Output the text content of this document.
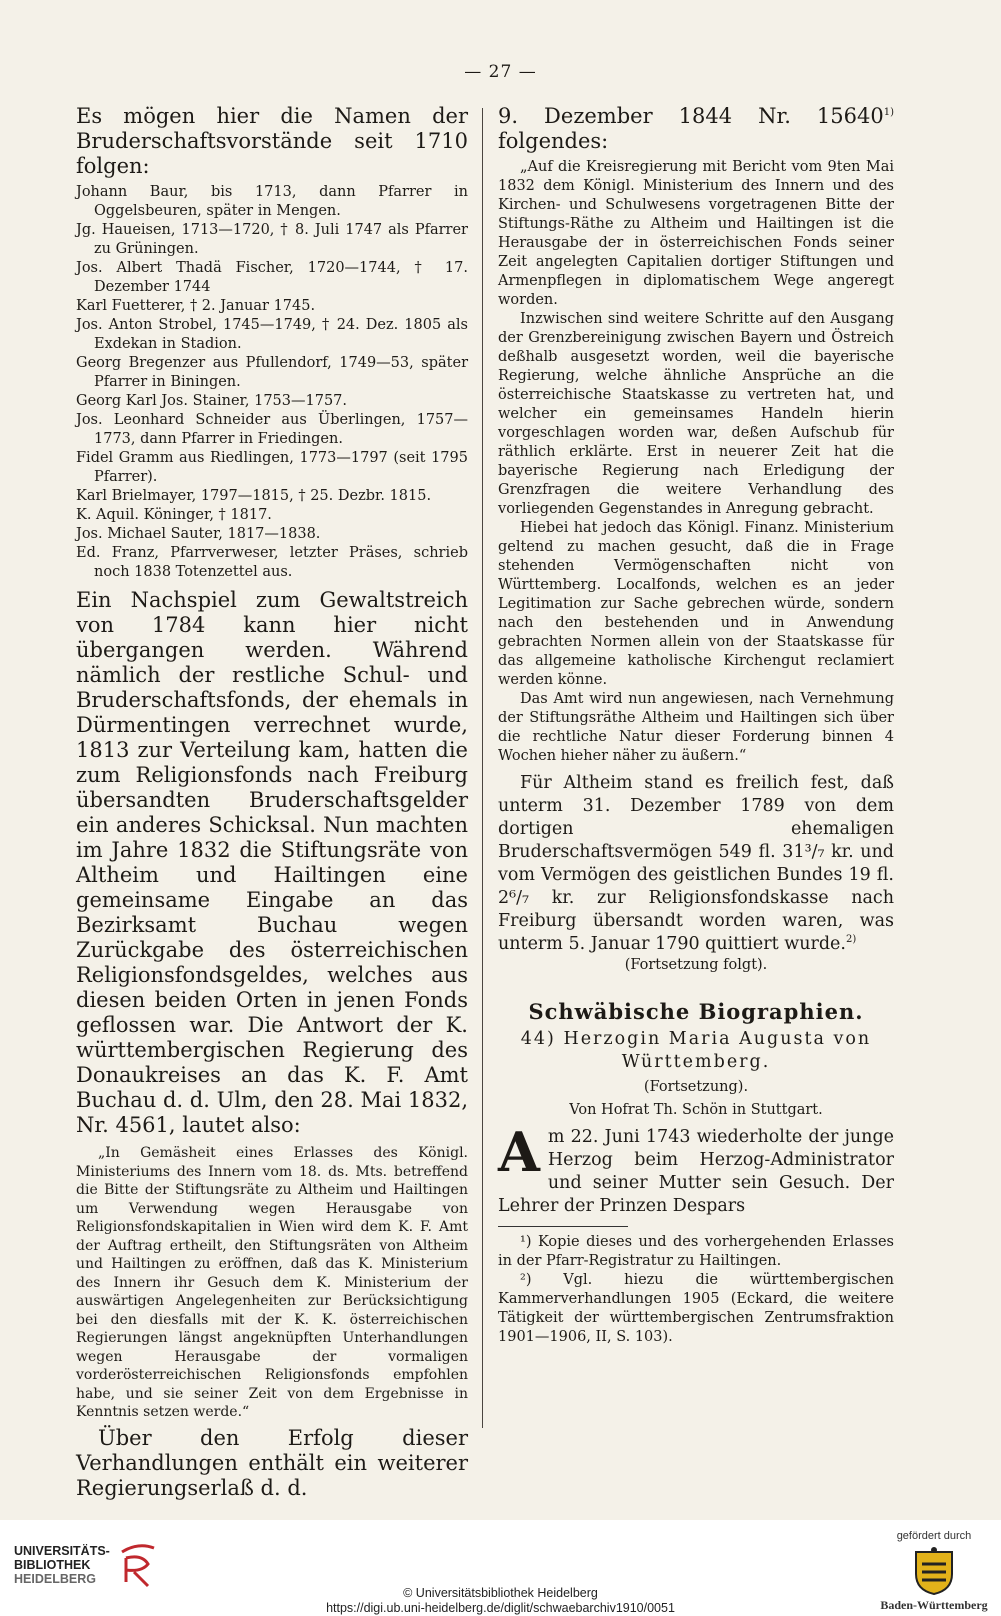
— 27 —

Es mögen hier die Namen der Bruderschaftsvorstände seit 1710 folgen:

Johann Baur, bis 1713, dann Pfarrer in Oggelsbeuren, später in Mengen.

Jg. Haueisen, 1713—1720, † 8. Juli 1747 als Pfarrer zu Grüningen.

Jos. Albert Thadä Fischer, 1720—1744, † 17. Dezember 1744

Karl Fuetterer, † 2. Januar 1745.

Jos. Anton Strobel, 1745—1749, † 24. Dez. 1805 als Exdekan in Stadion.

Georg Bregenzer aus Pfullendorf, 1749—53, später Pfarrer in Biningen.

Georg Karl Jos. Stainer, 1753—1757.

Jos. Leonhard Schneider aus Überlingen, 1757—1773, dann Pfarrer in Friedingen.

Fidel Gramm aus Riedlingen, 1773—1797 (seit 1795 Pfarrer).

Karl Brielmayer, 1797—1815, † 25. Dezbr. 1815.

K. Aquil. Köninger, † 1817.

Jos. Michael Sauter, 1817—1838.

Ed. Franz, Pfarrverweser, letzter Präses, schrieb noch 1838 Totenzettel aus.

Ein Nachspiel zum Gewaltstreich von 1784 kann hier nicht übergangen werden. Während nämlich der restliche Schul- und Bruderschaftsfonds, der ehemals in Dürmentingen verrechnet wurde, 1813 zur Verteilung kam, hatten die zum Religionsfonds nach Freiburg übersandten Bruderschaftsgelder ein anderes Schicksal. Nun machten im Jahre 1832 die Stiftungsräte von Altheim und Hailtingen eine gemeinsame Eingabe an das Bezirksamt Buchau wegen Zurückgabe des österreichischen Religionsfondsgeldes, welches aus diesen beiden Orten in jenen Fonds geflossen war. Die Antwort der K. württembergischen Regierung des Donaukreises an das K. F. Amt Buchau d. d. Ulm, den 28. Mai 1832, Nr. 4561, lautet also:

„In Gemäsheit eines Erlasses des Königl. Ministeriums des Innern vom 18. ds. Mts. betreffend die Bitte der Stiftungsräte zu Altheim und Hailtingen um Verwendung wegen Herausgabe von Religionsfondskapitalien in Wien wird dem K. F. Amt der Auftrag ertheilt, den Stiftungsräten von Altheim und Hailtingen zu eröffnen, daß das K. Ministerium des Innern ihr Gesuch dem K. Ministerium der auswärtigen Angelegenheiten zur Berücksichtigung bei den diesfalls mit der K. K. österreichischen Regierungen längst angeknüpften Unterhandlungen wegen Herausgabe der vormaligen vorderösterreichischen Religionsfonds empfohlen habe, und sie seiner Zeit von dem Ergebnisse in Kenntnis setzen werde.“

Über den Erfolg dieser Verhandlungen enthält ein weiterer Regierungserlaß d. d.

9. Dezember 1844 Nr. 15640$^{1)}$ folgendes:

„Auf die Kreisregierung mit Bericht vom 9ten Mai 1832 dem Königl. Ministerium des Innern und des Kirchen- und Schulwesens vorgetragenen Bitte der Stiftungs-Räthe zu Altheim und Hailtingen ist die Herausgabe der in österreichischen Fonds seiner Zeit angelegten Capitalien dortiger Stiftungen und Armenpflegen in diplomatischem Wege angeregt worden.

Inzwischen sind weitere Schritte auf den Ausgang der Grenzbereinigung zwischen Bayern und Östreich deßhalb ausgesetzt worden, weil die bayerische Regierung, welche ähnliche Ansprüche an die österreichische Staatskasse zu vertreten hat, und welcher ein gemeinsames Handeln hierin vorgeschlagen worden war, deßen Aufschub für räthlich erklärte. Erst in neuerer Zeit hat die bayerische Regierung nach Erledigung der Grenzfragen die weitere Verhandlung des vorliegenden Gegenstandes in Anregung gebracht.

Hiebei hat jedoch das Königl. Finanz. Ministerium geltend zu machen gesucht, daß die in Frage stehenden Vermögenschaften nicht von Württemberg. Localfonds, welchen es an jeder Legitimation zur Sache gebrechen würde, sondern nach den bestehenden und in Anwendung gebrachten Normen allein von der Staatskasse für das allgemeine katholische Kirchengut reclamiert werden könne.

Das Amt wird nun angewiesen, nach Vernehmung der Stiftungsräthe Altheim und Hailtingen sich über die rechtliche Natur dieser Forderung binnen 4 Wochen hieher näher zu äußern.“

Für Altheim stand es freilich fest, daß unterm 31. Dezember 1789 von dem dortigen ehemaligen Bruderschaftsvermögen 549 fl. 31³/₇ kr. und vom Vermögen des geistlichen Bundes 19 fl. 2⁶/₇ kr. zur Religionsfondskasse nach Freiburg übersandt worden waren, was unterm 5. Januar 1790 quittiert wurde.$^{2)}$

(Fortsetzung folgt).

Schwäbische Biographien.

44) Herzogin Maria Augusta von Württemberg.

(Fortsetzung).

Von Hofrat Th. Schön in Stuttgart.

Am 22. Juni 1743 wiederholte der junge Herzog beim Herzog-Administrator und seiner Mutter sein Gesuch. Der Lehrer der Prinzen Despars

¹) Kopie dieses und des vorhergehenden Erlasses in der Pfarr-Registratur zu Hailtingen.

²) Vgl. hiezu die württembergischen Kammerverhandlungen 1905 (Eckard, die weitere Tätigkeit der württembergischen Zentrumsfraktion 1901—1906, II, S. 103).

UNIVERSITÄTS-
BIBLIOTHEK
HEIDELBERG
© Universitätsbibliothek Heidelberg
https://digi.ub.uni-heidelberg.de/diglit/schwaebarchiv1910/0051
gefördert durch
Baden-Württemberg
